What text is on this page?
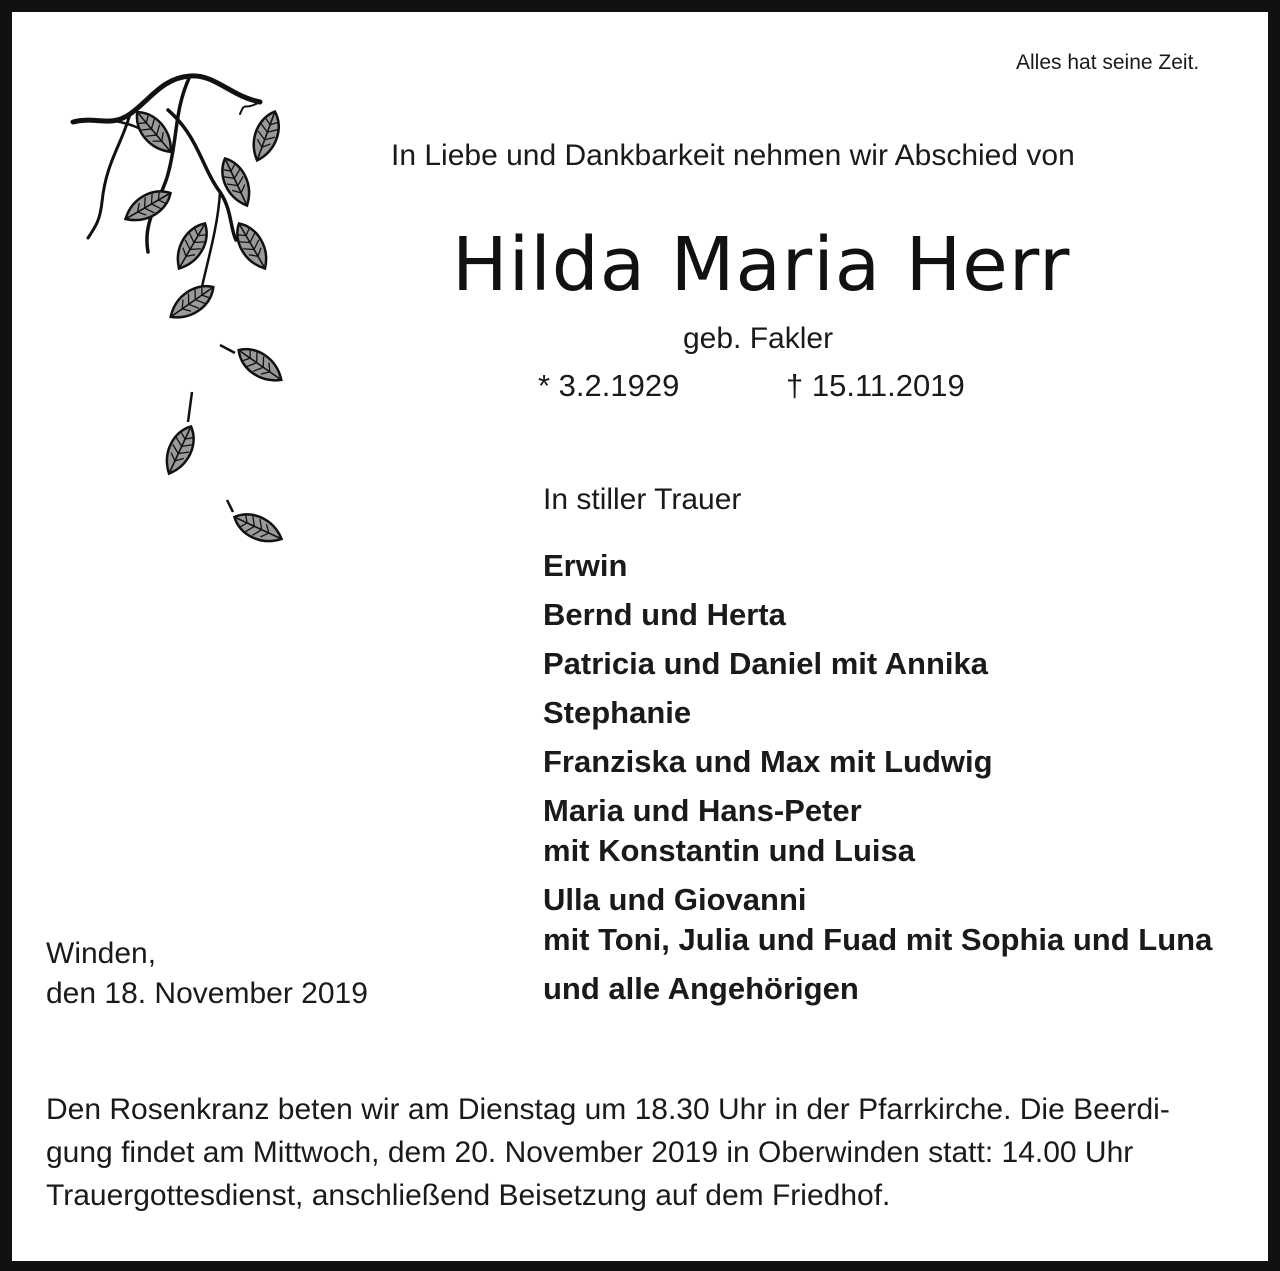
Alles hat seine Zeit.
In Liebe und Dankbarkeit nehmen wir Abschied von
Hilda Maria Herr
geb. Fakler
* 3.2.1929	† 15.11.2019
In stiller Trauer
Erwin
Bernd und Herta
Patricia und Daniel mit Annika
Stephanie
Franziska und Max mit Ludwig
Maria und Hans-Peter
mit Konstantin und Luisa
Ulla und Giovanni
mit Toni, Julia und Fuad mit Sophia und Luna
und alle Angehörigen
Winden,
den 18. November 2019

Den Rosenkranz beten wir am Dienstag um 18.30 Uhr in der Pfarrkirche. Die Beerdi-
gung findet am Mittwoch, dem 20. November 2019 in Oberwinden statt: 14.00 Uhr
Trauergottesdienst, anschließend Beisetzung auf dem Friedhof.
